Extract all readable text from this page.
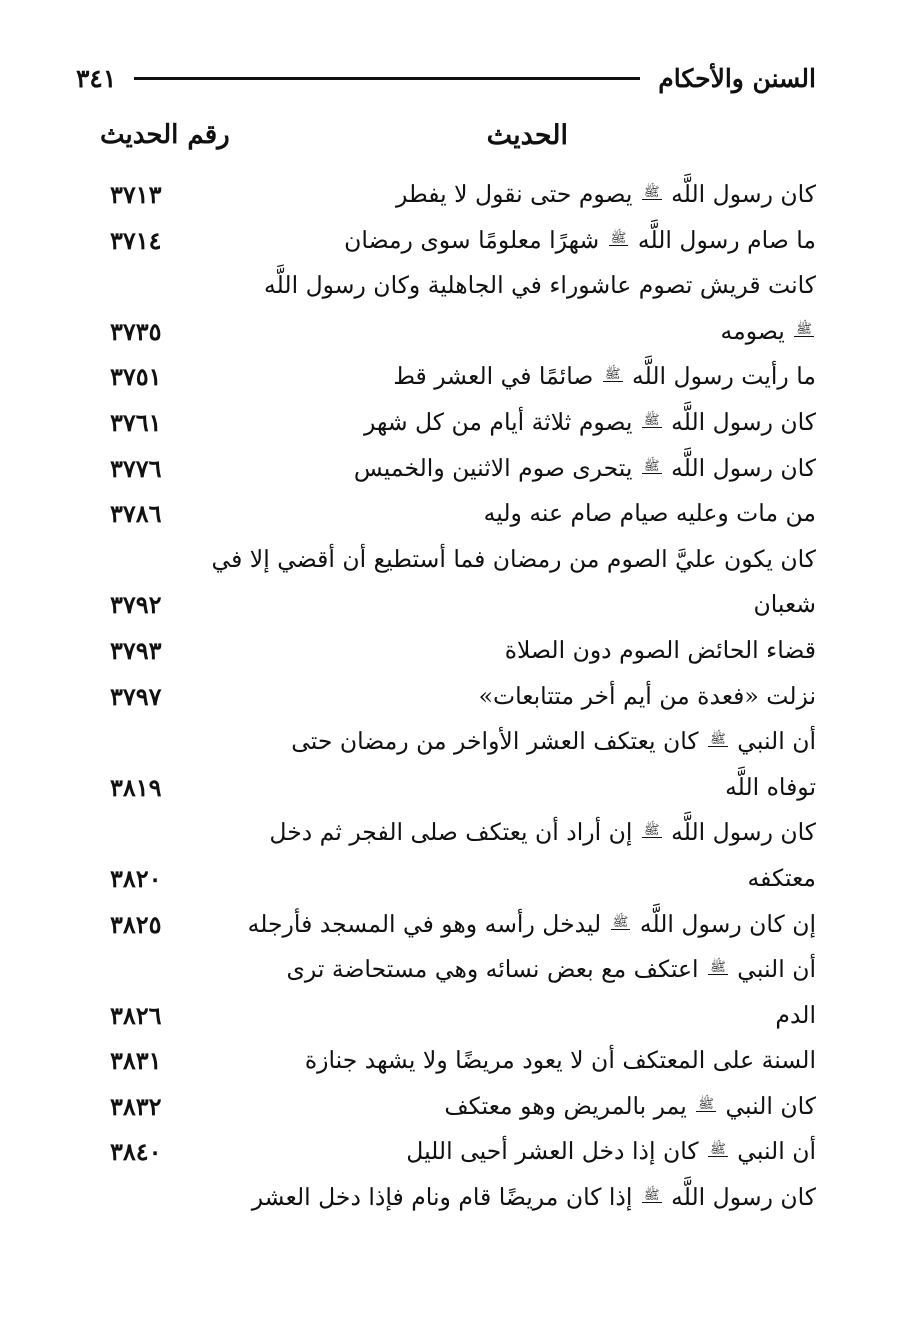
السنن والأحكام
٣٤١
الحديث
رقم الحديث
كان رسول اللَّه ﷺ يصوم حتى نقول لا يفطر
٣٧١٣
ما صام رسول اللَّه ﷺ شهرًا معلومًا سوى رمضان
٣٧١٤
كانت قريش تصوم عاشوراء في الجاهلية وكان رسول اللَّه
ﷺ يصومه
٣٧٣٥
ما رأيت رسول اللَّه ﷺ صائمًا في العشر قط
٣٧٥١
كان رسول اللَّه ﷺ يصوم ثلاثة أيام من كل شهر
٣٧٦١
كان رسول اللَّه ﷺ يتحرى صوم الاثنين والخميس
٣٧٧٦
من مات وعليه صيام صام عنه وليه
٣٧٨٦
كان يكون عليَّ الصوم من رمضان فما أستطيع أن أقضي إلا في
شعبان
٣٧٩٢
قضاء الحائض الصوم دون الصلاة
٣٧٩٣
نزلت «فعدة من أيم أخر متتابعات»
٣٧٩٧
أن النبي ﷺ كان يعتكف العشر الأواخر من رمضان حتى
توفاه اللَّه
٣٨١٩
كان رسول اللَّه ﷺ إن أراد أن يعتكف صلى الفجر ثم دخل
معتكفه
٣٨٢٠
إن كان رسول اللَّه ﷺ ليدخل رأسه وهو في المسجد فأرجله
٣٨٢٥
أن النبي ﷺ اعتكف مع بعض نسائه وهي مستحاضة ترى
الدم
٣٨٢٦
السنة على المعتكف أن لا يعود مريضًا ولا يشهد جنازة
٣٨٣١
كان النبي ﷺ يمر بالمريض وهو معتكف
٣٨٣٢
أن النبي ﷺ كان إذا دخل العشر أحيى الليل
٣٨٤٠
كان رسول اللَّه ﷺ إذا كان مريضًا قام ونام فإذا دخل العشر
